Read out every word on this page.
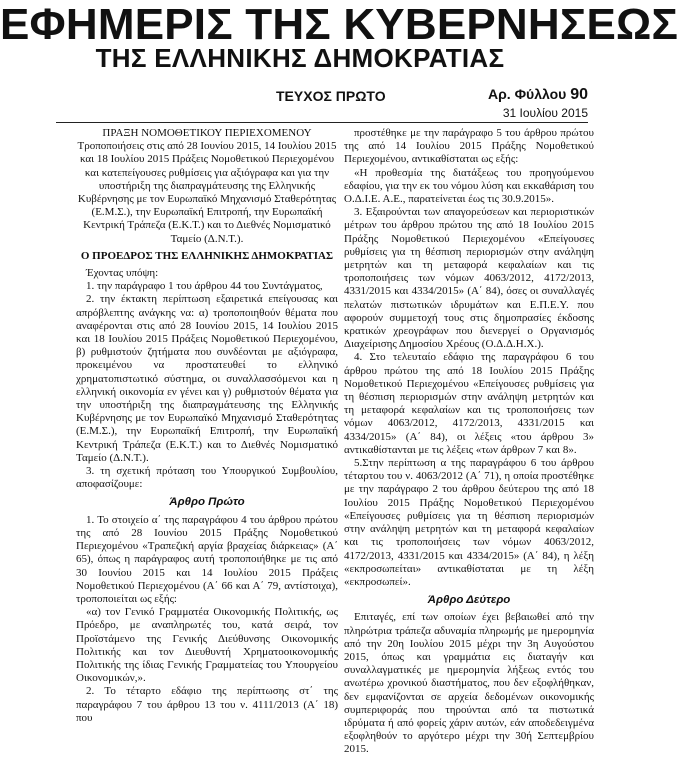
ΕΦΗΜΕΡΙΣ ΤΗΣ ΚΥΒΕΡΝΗΣΕΩΣ
ΤΗΣ ΕΛΛΗΝΙΚΗΣ ΔΗΜΟΚΡΑΤΙΑΣ
ΤΕΥΧΟΣ ΠΡΩΤΟ	Αρ. Φύλλου 90
31 Ιουλίου 2015

ΠΡΑΞΗ ΝΟΜΟΘΕΤΙΚΟΥ ΠΕΡΙΕΧΟΜΕΝΟΥ

Τροποποιήσεις στις από 28 Ιουνίου 2015, 14 Ιουλίου 2015 και 18 Ιουλίου 2015 Πράξεις Νομοθετικού Περιεχομένου και κατεπείγουσες ρυθμίσεις για αξιόγραφα και για την υποστήριξη της διαπραγμάτευσης της Ελληνικής Κυβέρνησης με τον Ευρωπαϊκό Μηχανισμό Σταθερότητας (Ε.Μ.Σ.), την Ευρωπαϊκή Επιτροπή, την Ευρωπαϊκή Κεντρική Τράπεζα (Ε.Κ.Τ.) και το Διεθνές Νομισματικό Ταμείο (Δ.Ν.Τ.).

Ο ΠΡΟΕΔΡΟΣ ΤΗΣ ΕΛΛΗΝΙΚΗΣ ΔΗΜΟΚΡΑΤΙΑΣ

Έχοντας υπόψη:

1. την παράγραφο 1 του άρθρου 44 του Συντάγματος,

2. την έκτακτη περίπτωση εξαιρετικά επείγουσας και απρόβλεπτης ανάγκης να: α) τροποποιηθούν θέματα που αναφέρονται στις από 28 Ιουνίου 2015, 14 Ιουλίου 2015 και 18 Ιουλίου 2015 Πράξεις Νομοθετικού Περιεχομένου, β) ρυθμιστούν ζητήματα που συνδέονται με αξιόγραφα, προκειμένου να προστατευθεί το ελληνικό χρηματοπιστωτικό σύστημα, οι συναλλασσόμενοι και η ελληνική οικονομία εν γένει και γ) ρυθμιστούν θέματα για την υποστήριξη της διαπραγμάτευσης της Ελληνικής Κυβέρνησης με τον Ευρωπαϊκό Μηχανισμό Σταθερότητας (Ε.Μ.Σ.), την Ευρωπαϊκή Επιτροπή, την Ευρωπαϊκή Κεντρική Τράπεζα (Ε.Κ.Τ.) και το Διεθνές Νομισματικό Ταμείο (Δ.Ν.Τ.).

3. τη σχετική πρόταση του Υπουργικού Συμβουλίου, αποφασίζουμε:

Άρθρο Πρώτο

1. Το στοιχείο α΄ της παραγράφου 4 του άρθρου πρώτου της από 28 Ιουνίου 2015 Πράξης Νομοθετικού Περιεχομένου «Τραπεζική αργία βραχείας διάρκειας» (Α΄ 65), όπως η παράγραφος αυτή τροποποιήθηκε με τις από 30 Ιουνίου 2015 και 14 Ιουλίου 2015 Πράξεις Νομοθετικού Περιεχομένου (Α΄ 66 και Α΄ 79, αντίστοιχα), τροποποιείται ως εξής:

«α) τον Γενικό Γραμματέα Οικονομικής Πολιτικής, ως Πρόεδρο, με αναπληρωτές του, κατά σειρά, τον Προϊστάμενο της Γενικής Διεύθυνσης Οικονομικής Πολιτικής και τον Διευθυντή Χρηματοοικονομικής Πολιτικής της ίδιας Γενικής Γραμματείας του Υπουργείου Οικονομικών,».

2. Το τέταρτο εδάφιο της περίπτωσης στ΄ της παραγράφου 7 του άρθρου 13 του ν. 4111/2013 (Α΄ 18) που

προστέθηκε με την παράγραφο 5 του άρθρου πρώτου της από 14 Ιουλίου 2015 Πράξης Νομοθετικού Περιεχομένου, αντικαθίσταται ως εξής:

«Η προθεσμία της διατάξεως του προηγούμενου εδαφίου, για την εκ του νόμου λύση και εκκαθάριση του Ο.Δ.Ι.Ε. Α.Ε., παρατείνεται έως τις 30.9.2015».

3. Εξαιρούνται των απαγορεύσεων και περιοριστικών μέτρων του άρθρου πρώτου της από 18 Ιουλίου 2015 Πράξης Νομοθετικού Περιεχομένου «Επείγουσες ρυθμίσεις για τη θέσπιση περιορισμών στην ανάληψη μετρητών και τη μεταφορά κεφαλαίων και τις τροποποιήσεις των νόμων 4063/2012, 4172/2013, 4331/2015 και 4334/2015» (Α΄ 84), όσες οι συναλλαγές πελατών πιστωτικών ιδρυμάτων και Ε.Π.Ε.Υ. που αφορούν συμμετοχή τους στις δημοπρασίες έκδοσης κρατικών χρεογράφων που διενεργεί ο Οργανισμός Διαχείρισης Δημοσίου Χρέους (Ο.Δ.Δ.Η.Χ.).

4. Στο τελευταίο εδάφιο της παραγράφου 6 του άρθρου πρώτου της από 18 Ιουλίου 2015 Πράξης Νομοθετικού Περιεχομένου «Επείγουσες ρυθμίσεις για τη θέσπιση περιορισμών στην ανάληψη μετρητών και τη μεταφορά κεφαλαίων και τις τροποποιήσεις των νόμων 4063/2012, 4172/2013, 4331/2015 και 4334/2015» (Α΄ 84), οι λέξεις «του άρθρου 3» αντικαθίστανται με τις λέξεις «των άρθρων 7 και 8».

5.Στην περίπτωση α της παραγράφου 6 του άρθρου τέταρτου του ν. 4063/2012 (Α΄ 71), η οποία προστέθηκε με την παράγραφο 2 του άρθρου δεύτερου της από 18 Ιουλίου 2015 Πράξης Νομοθετικού Περιεχομένου «Επείγουσες ρυθμίσεις για τη θέσπιση περιορισμών στην ανάληψη μετρητών και τη μεταφορά κεφαλαίων και τις τροποποιήσεις των νόμων 4063/2012, 4172/2013, 4331/2015 και 4334/2015» (Α΄ 84), η λέξη «εκπροσωπείται» αντικαθίσταται με τη λέξη «εκπροσωπεί».

Άρθρο Δεύτερο

Επιταγές, επί των οποίων έχει βεβαιωθεί από την πληρώτρια τράπεζα αδυναμία πληρωμής με ημερομηνία από την 20η Ιουλίου 2015 μέχρι την 3η Αυγούστου 2015, όπως και γραμμάτια εις διαταγήν και συναλλαγματικές με ημερομηνία λήξεως εντός του ανωτέρω χρονικού διαστήματος, που δεν εξοφλήθηκαν, δεν εμφανίζονται σε αρχεία δεδομένων οικονομικής συμπεριφοράς που τηρούνται από τα πιστωτικά ιδρύματα ή από φορείς χάριν αυτών, εάν αποδεδειγμένα εξοφληθούν το αργότερο μέχρι την 30ή Σεπτεμβρίου 2015.
